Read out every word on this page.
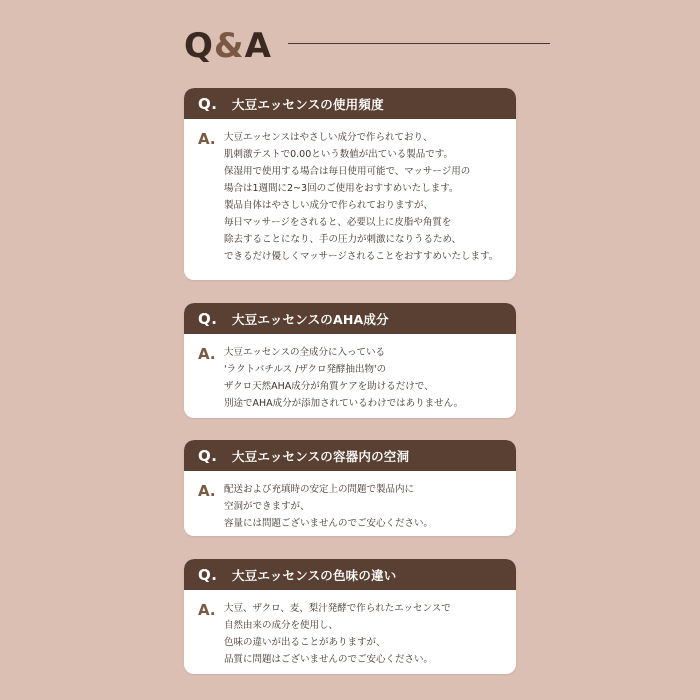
Q&A
Q.	大豆エッセンスの使用頻度
A. 大豆エッセンスはやさしい成分で作られており、
肌刺激テストで0.00という数値が出ている製品です。
保湿用で使用する場合は毎日使用可能で、マッサージ用の
場合は1週間に2~3回のご使用をおすすめいたします。
製品自体はやさしい成分で作られておりますが、
毎日マッサージをされると、必要以上に皮脂や角質を
除去することになり、手の圧力が刺激になりうるため、
できるだけ優しくマッサージされることをおすすめいたします。
Q.	大豆エッセンスのAHA成分
A. 大豆エッセンスの全成分に入っている
'ラクトバチルス /ザクロ発酵抽出物'の
ザクロ天然AHA成分が角質ケアを助けるだけで、
別途でAHA成分が添加されているわけではありません。
Q.	大豆エッセンスの容器内の空洞
A. 配送および充填時の安定上の問題で製品内に
空洞ができますが、
容量には問題ございませんのでご安心ください。
Q.	大豆エッセンスの色味の違い
A. 大豆、ザクロ、麦、梨汁発酵で作られたエッセンスで
自然由来の成分を使用し、
色味の違いが出ることがありますが、
品質に問題はございませんのでご安心ください。
